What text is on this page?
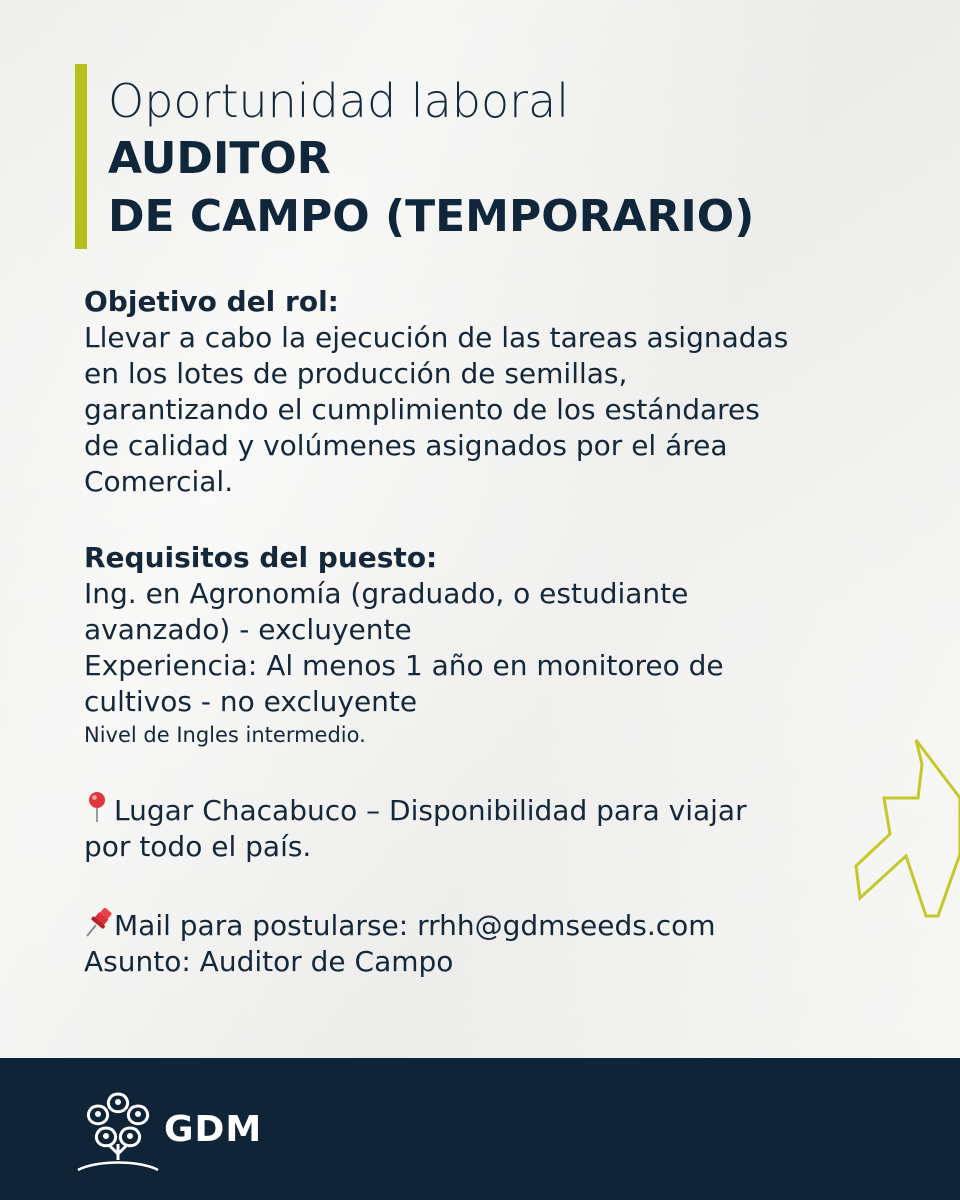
Oportunidad laboral
AUDITOR
DE CAMPO (TEMPORARIO)

Objetivo del rol:

Llevar a cabo la ejecución de las tareas asignadas

en los lotes de producción de semillas,

garantizando el cumplimiento de los estándares

de calidad y volúmenes asignados por el área

Comercial.

Requisitos del puesto:

Ing. en Agronomía (graduado, o estudiante

avanzado) - excluyente

Experiencia: Al menos 1 año en monitoreo de

cultivos - no excluyente

Nivel de Ingles intermedio.

Lugar Chacabuco – Disponibilidad para viajar

por todo el país.

Mail para postularse: rrhh@gdmseeds.com

Asunto: Auditor de Campo

GDM
